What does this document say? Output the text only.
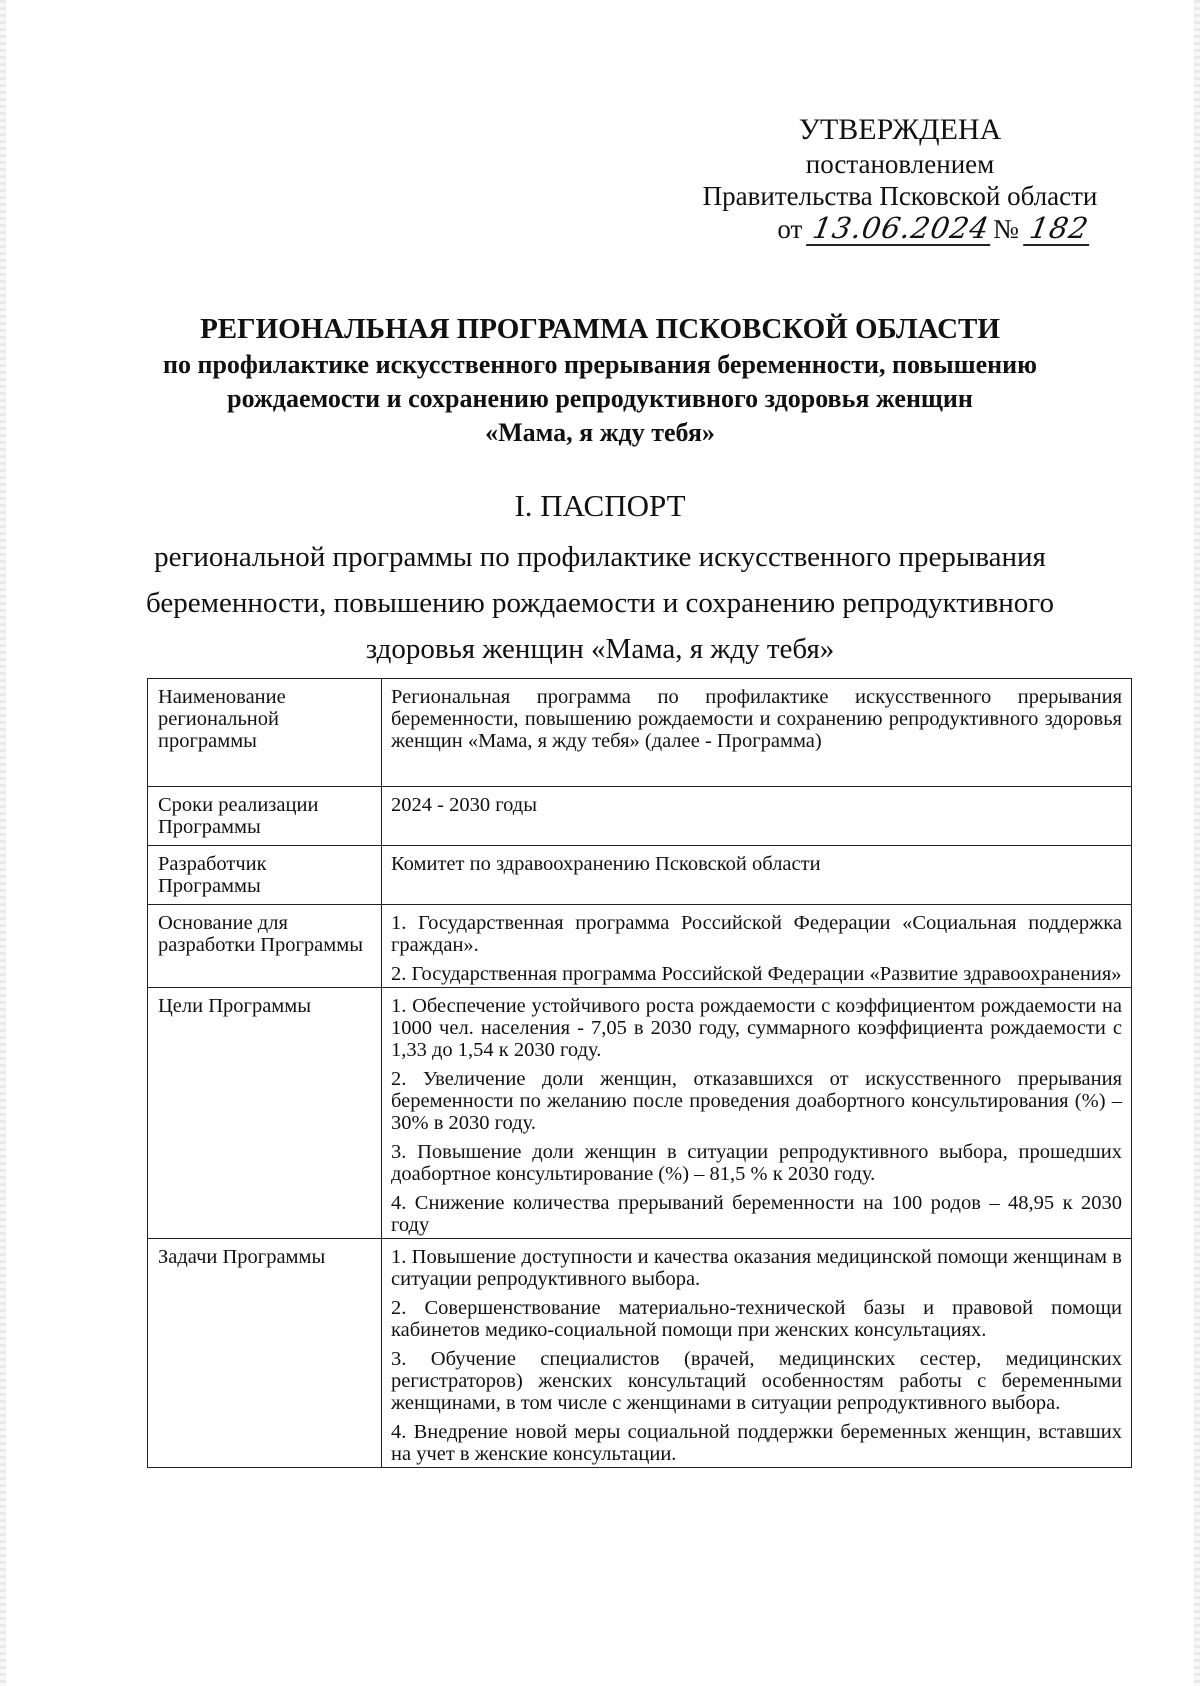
УТВЕРЖДЕНА
постановлением
Правительства Псковской области
от 13.06.2024№ 182
РЕГИОНАЛЬНАЯ ПРОГРАММА ПСКОВСКОЙ ОБЛАСТИ
по профилактике искусственного прерывания беременности, повышению
рождаемости и сохранению репродуктивного здоровья женщин
«Мама, я жду тебя»
I. ПАСПОРТ
региональной программы по профилактике искусственного прерывания
беременности, повышению рождаемости и сохранению репродуктивного
здоровья женщин «Мама, я жду тебя»
Наименование региональной программы	Региональная программа по профилактике искусственного прерывания беременности, повышению рождаемости и сохранению репродуктивного здоровья женщин «Мама, я жду тебя» (далее - Программа)

Сроки реализации Программы	2024 - 2030 годы

Разработчик Программы	Комитет по здравоохранению Псковской области

Основание для разработки Программы	1. Государственная программа Российской Федерации «Социальная поддержка граждан».

2. Государственная программа Российской Федерации «Развитие здравоохранения»

Цели Программы	1. Обеспечение устойчивого роста рождаемости с коэффициентом рождаемости на 1000 чел. населения - 7,05 в 2030 году, суммарного коэффициента рождаемости с 1,33 до 1,54 к 2030 году.

2. Увеличение доли женщин, отказавшихся от искусственного прерывания беременности по желанию после проведения доабортного консультирования (%) – 30% в 2030 году.

3. Повышение доли женщин в ситуации репродуктивного выбора, прошедших доабортное консультирование (%) – 81,5 % к 2030 году.

4. Снижение количества прерываний беременности на 100 родов – 48,95 к 2030 году

Задачи Программы	1. Повышение доступности и качества оказания медицинской помощи женщинам в ситуации репродуктивного выбора.

2. Совершенствование материально-технической базы и правовой помощи кабинетов медико-социальной помощи при женских консультациях.

3. Обучение специалистов (врачей, медицинских сестер, медицинских регистраторов) женских консультаций особенностям работы с беременными женщинами, в том числе с женщинами в ситуации репродуктивного выбора.

4. Внедрение новой меры социальной поддержки беременных женщин, вставших на учет в женские консультации.
